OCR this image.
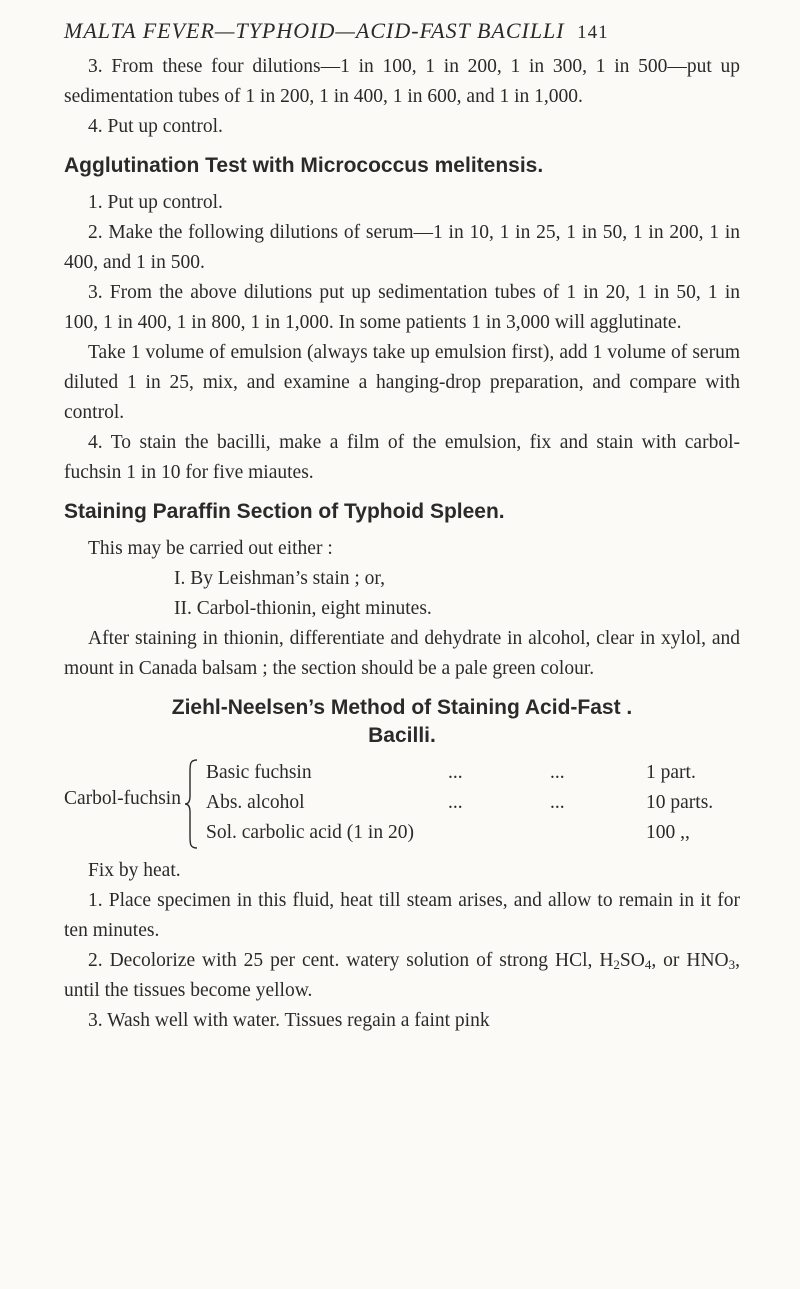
MALTA FEVER—TYPHOID—ACID-FAST BACILLI 141

3. From these four dilutions—1 in 100, 1 in 200, 1 in 300, 1 in 500—put up sedimentation tubes of 1 in 200, 1 in 400, 1 in 600, and 1 in 1,000.

4. Put up control.

Agglutination Test with Micrococcus melitensis.

1. Put up control.

2. Make the following dilutions of serum—1 in 10, 1 in 25, 1 in 50, 1 in 200, 1 in 400, and 1 in 500.

3. From the above dilutions put up sedimentation tubes of 1 in 20, 1 in 50, 1 in 100, 1 in 400, 1 in 800, 1 in 1,000. In some patients 1 in 3,000 will agglutinate.

Take 1 volume of emulsion (always take up emulsion first), add 1 volume of serum diluted 1 in 25, mix, and examine a hanging-drop preparation, and compare with control.

4. To stain the bacilli, make a film of the emulsion, fix and stain with carbol-fuchsin 1 in 10 for five miautes.

Staining Paraffin Section of Typhoid Spleen.

This may be carried out either :

I. By Leishman’s stain ; or,

II. Carbol-thionin, eight minutes.

After staining in thionin, differentiate and dehydrate in alcohol, clear in xylol, and mount in Canada balsam ; the section should be a pale green colour.

Ziehl-Neelsen’s Method of Staining Acid-Fast .
Bacilli.
Carbol-fuchsin
Basic fuchsin	...	...	1 part.
Abs. alcohol	...	...	10 parts.
Sol. carbolic acid (1 in 20)	100 ,,

Fix by heat.

1. Place specimen in this fluid, heat till steam arises, and allow to remain in it for ten minutes.

2. Decolorize with 25 per cent. watery solution of strong HCl, $H_2SO_4$, or $HNO_3$, until the tissues become yellow.

3. Wash well with water. Tissues regain a faint pink
